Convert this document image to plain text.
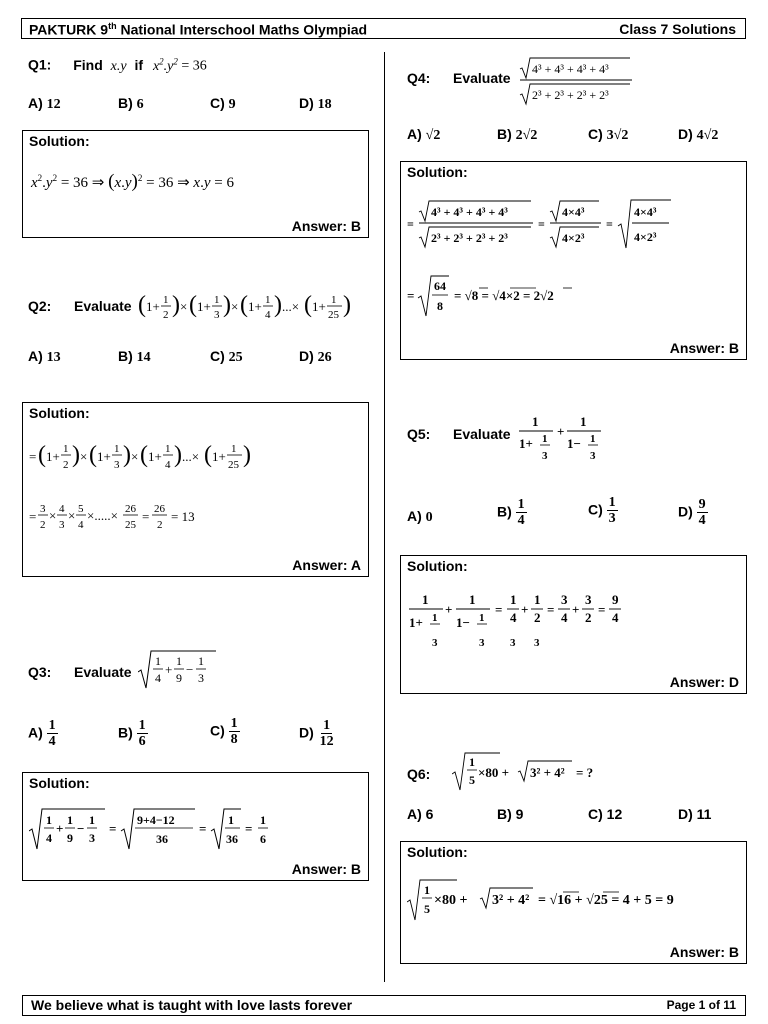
PAKTURK 9th National Interschool Maths Olympiad	Class 7 Solutions
Q1: Find x.y if $x^2.y^2 = 36$
A) 12	B) 6	C) 9	D) 18
Solution:
$x^2.y^2 = 36$ ⇒ $(x.y)^2 = 36$ ⇒ x.y = 6
Answer: B
Q2: Evaluate ( 1+ 1
2 ) × ( 1+ 1
3 ) × ( 1+ 1
4 ) ...× ( 1+ 1
25 )
A) 13	B) 14	C) 25	D) 26
Solution:
= ( 1+ 1
2 ) × ( 1+ 1
3 ) × ( 1+ 1
4 ) ...× ( 1+ 1
25 )
= 3
2
× 4
3
× 5
4
×.....× 26
25
= 26
2
= 13
Answer: A
Q3: Evaluate
1
4
+
1
9
−
1
3
$A) \frac{1}{4}$	$B) \frac{1}{6}$	$C) \frac{1}{8}$	$D) \frac{1}{12}$
Solution:
1
4
+
1
9
−
1
3
=
9+4−12
36
=
1
36
=
1
6
Answer: B
Q4: Evaluate
4³ + 4³ + 4³ + 4³
2³ + 2³ + 2³ + 2³
A) √2	B) 2√2	C) 3√2	D) 4√2
Solution:
=
4³ + 4³ + 4³ + 4³
2³ + 2³ + 2³ + 2³
=
4×4³
4×2³
=
4×4³
4×2³
=
64
8
= √8 = √4×2 = 2√2
Answer: B
Q5: Evaluate
1
1+ 1
3
+
1
1− 1
3
A) 0	$B) \frac{1}{4}$	$C) \frac{1}{3}$	$D) \frac{9}{4}$
Solution:
1
1+ 1
3
+
1
1− 1
3
=
1
4
3
+
1
2
3
=
3
4
+
3
2
=
9
4
Answer: D
Q6:
1
5 ×80 + 3² + 4² = ?
A) 6	B) 9	C) 12	D) 11
Solution:
1
5
×80 + 3² + 4² = √16 + √25 = 4 + 5 = 9
Answer: B
We believe what is taught with love lasts forever	Page 1 of 11
